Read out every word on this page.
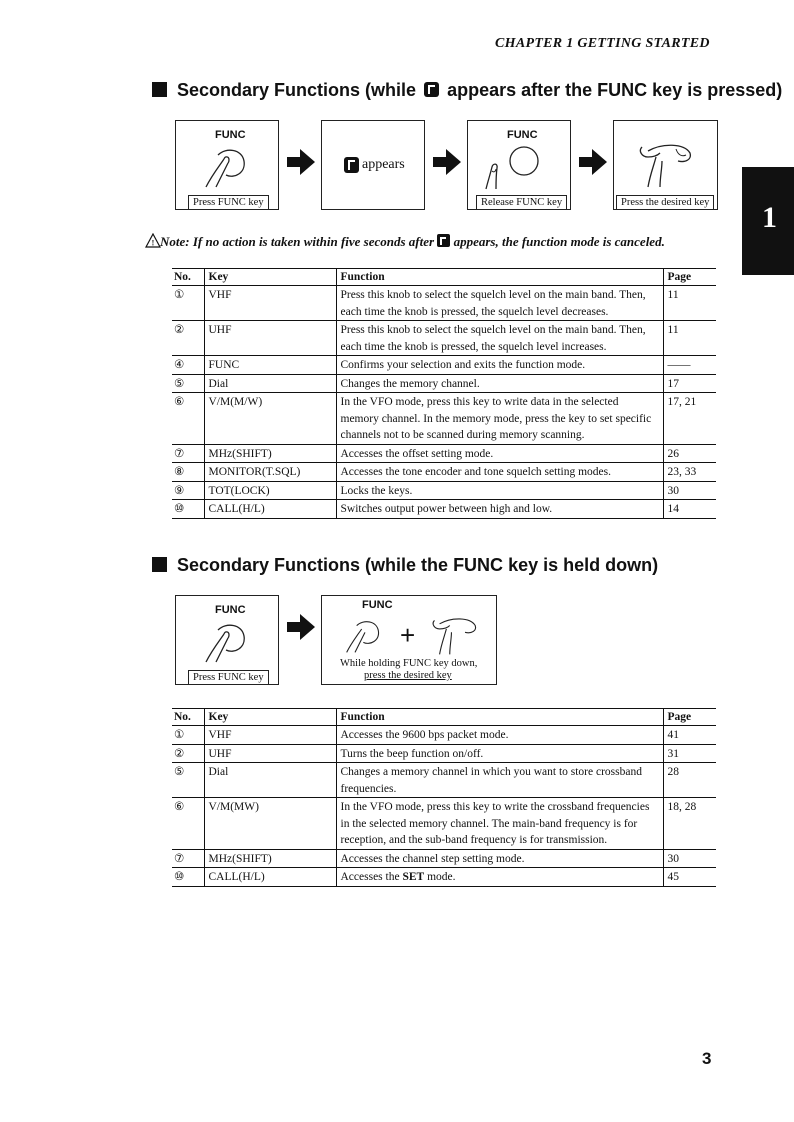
CHAPTER 1 GETTING STARTED
1
Secondary Functions (while appears after the FUNC key is pressed)
FUNC
Press FUNC key
appears
FUNC
Release FUNC key	Press the desired key
! Note: If no action is taken within five seconds after appears, the function mode is canceled.
No.	Key	Function	Page
①	VHF	Press this knob to select the squelch level on the main band. Then, each time the knob is pressed, the squelch level decreases.	11
②	UHF	Press this knob to select the squelch level on the main band. Then, each time the knob is pressed, the squelch level increases.	11
④	FUNC	Confirms your selection and exits the function mode.	——
⑤	Dial	Changes the memory channel.	17
⑥	V/M(M/W)	In the VFO mode, press this key to write data in the selected memory channel. In the memory mode, press the key to set specific channels not to be scanned during memory scanning.	17, 21
⑦	MHz(SHIFT)	Accesses the offset setting mode.	26
⑧	MONITOR(T.SQL)	Accesses the tone encoder and tone squelch setting modes.	23, 33
⑨	TOT(LOCK)	Locks the keys.	30
⑩	CALL(H/L)	Switches output power between high and low.	14
Secondary Functions (while the FUNC key is held down)
FUNC
Press FUNC key
FUNC
+
While holding FUNC key down,
press the desired key
No.	Key	Function	Page
①	VHF	Accesses the 9600 bps packet mode.	41
②	UHF	Turns the beep function on/off.	31
⑤	Dial	Changes a memory channel in which you want to store crossband frequencies.	28
⑥	V/M(MW)	In the VFO mode, press this key to write the crossband frequencies in the selected memory channel. The main-band frequency is for reception, and the sub-band frequency is for transmission.	18, 28
⑦	MHz(SHIFT)	Accesses the channel step setting mode.	30
⑩	CALL(H/L)	Accesses the SET mode.	45
3
